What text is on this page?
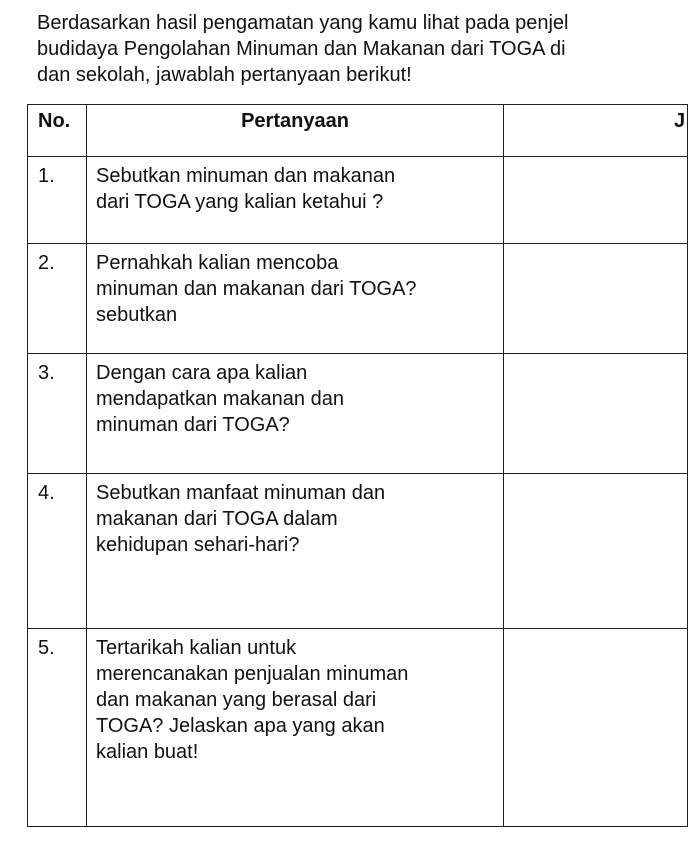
Berdasarkan hasil pengamatan yang kamu lihat pada penjel
budidaya Pengolahan Minuman dan Makanan dari TOGA di
dan sekolah, jawablah pertanyaan berikut!
No.	Pertanyaan	J
1.	Sebutkan minuman dan makanan
dari TOGA yang kalian ketahui ?	

2.	Pernahkah kalian mencoba
minuman dan makanan dari TOGA?
sebutkan	

3.	Dengan cara apa kalian
mendapatkan makanan dan
minuman dari TOGA?	

4.	Sebutkan manfaat minuman dan
makanan dari TOGA dalam
kehidupan sehari-hari?	

5.	Tertarikah kalian untuk
merencanakan penjualan minuman
dan makanan yang berasal dari
TOGA? Jelaskan apa yang akan
kalian buat!	
